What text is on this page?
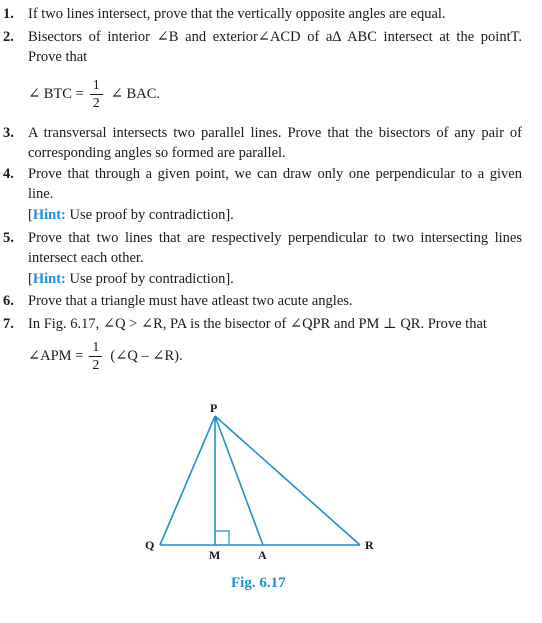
1. If two lines intersect, prove that the vertically opposite angles are equal.
2. Bisectors of interior ∠B and exterior∠ACD of a∆ ABC intersect at the pointT. Prove that
∠ BTC = $\frac{1}{2}$ ∠ BAC.
3. A transversal intersects two parallel lines. Prove that the bisectors of any pair of corresponding angles so formed are parallel.
4. Prove that through a given point, we can draw only one perpendicular to a given line.
[Hint: Use proof by contradiction].
5. Prove that two lines that are respectively perpendicular to two intersecting lines intersect each other.
[Hint: Use proof by contradiction].
6. Prove that a triangle must have atleast two acute angles.
7. In Fig. 6.17, ∠Q > ∠R, PA is the bisector of ∠QPR and PM ⊥ QR. Prove that
∠APM = $\frac{1}{2}$ (∠Q – ∠R).
P
Q	R
M	A
Fig. 6.17
